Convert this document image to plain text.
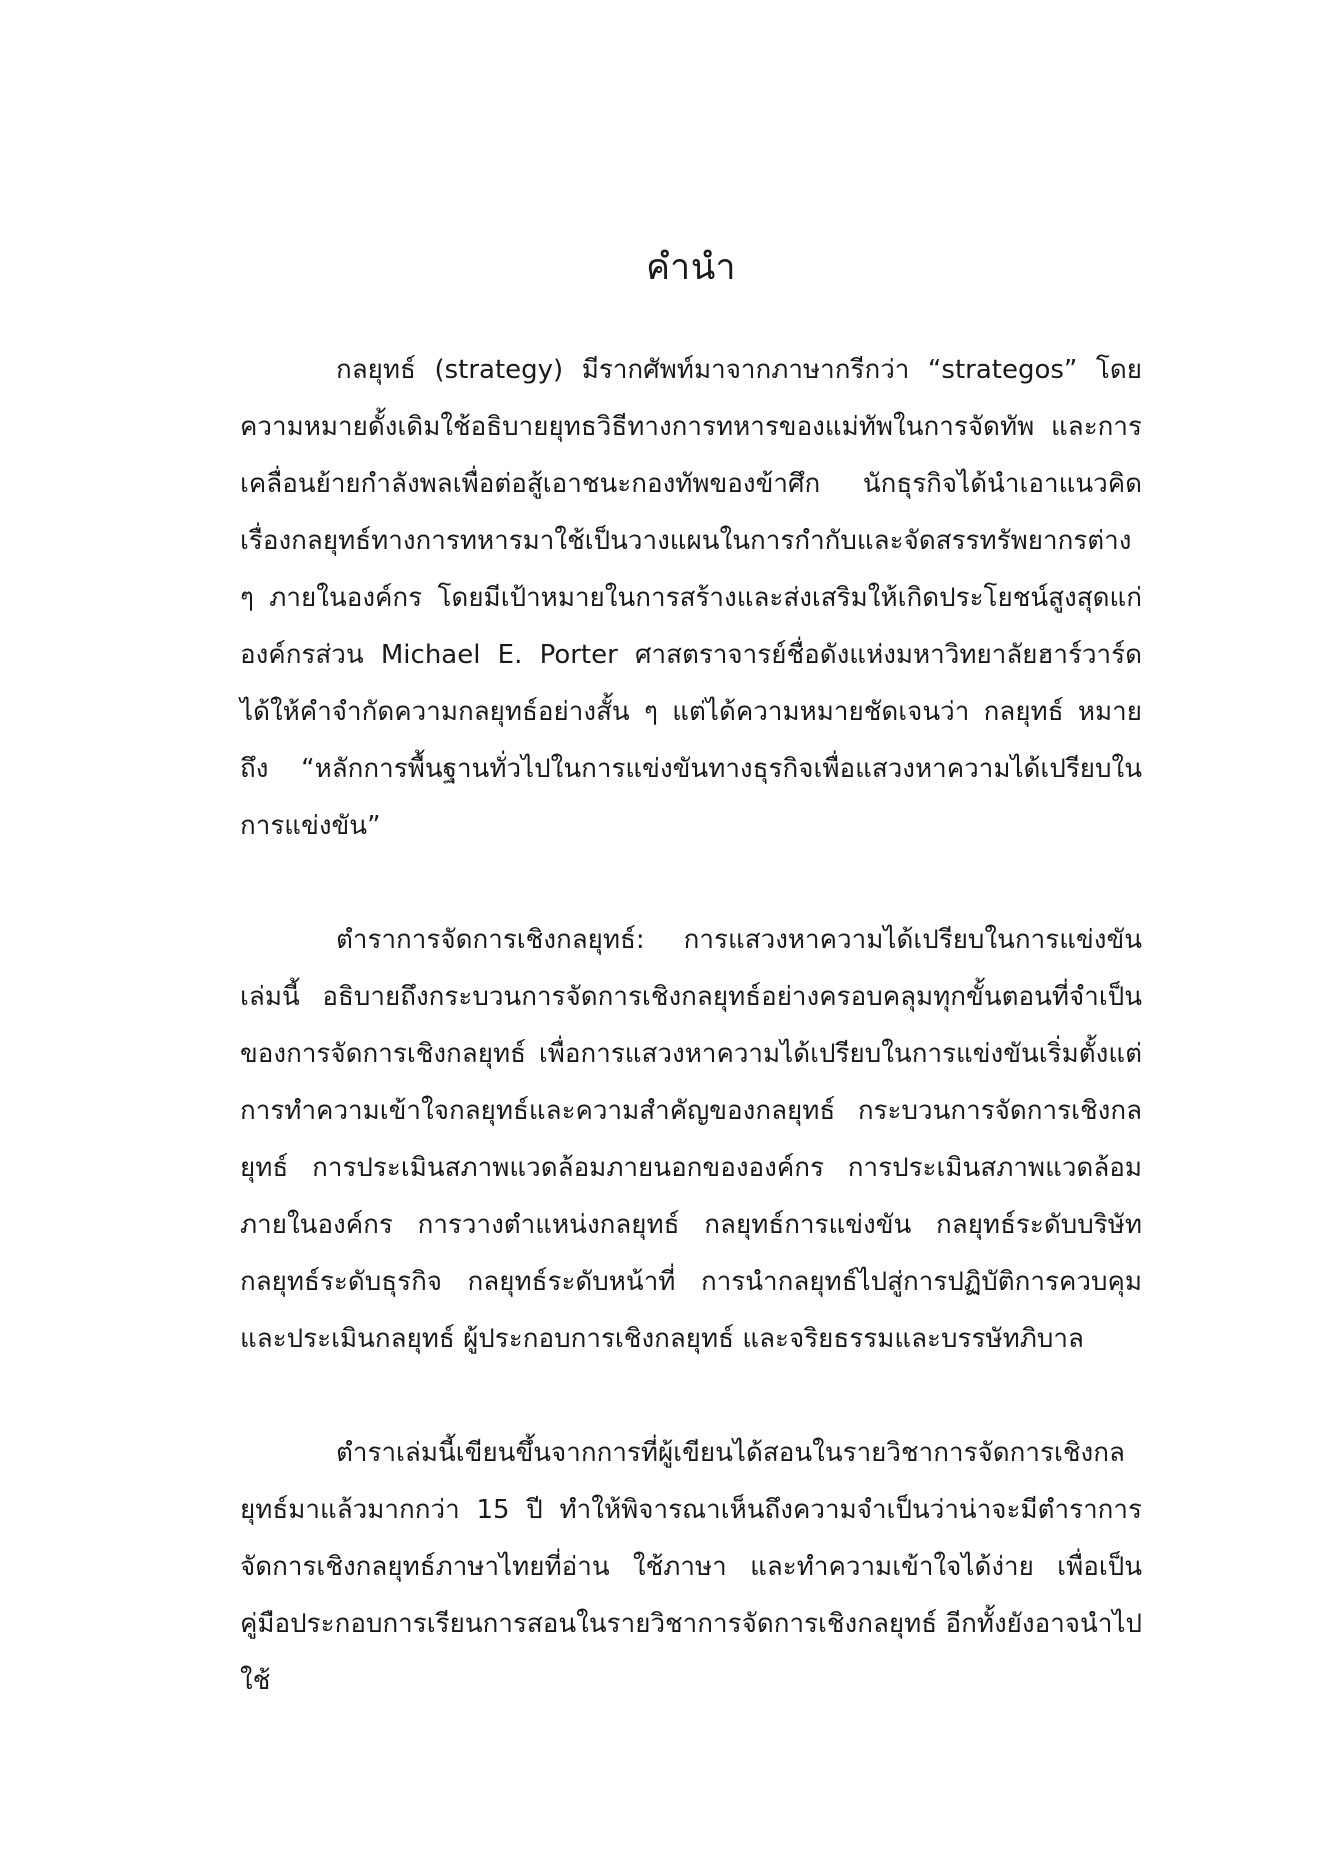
คำนำ

กลยุทธ์ (strategy) มีรากศัพท์มาจากภาษากรีกว่า “strategos” โดยความหมายดั้งเดิมใช้อธิบายยุทธวิธีทางการทหารของแม่ทัพในการจัดทัพ และการเคลื่อนย้ายกำลังพลเพื่อต่อสู้เอาชนะกองทัพของข้าศึก นักธุรกิจได้นำเอาแนวคิดเรื่องกลยุทธ์ทางการทหารมาใช้เป็นวางแผนในการกำกับและจัดสรรทรัพยากรต่าง ๆ ภายในองค์กร โดยมีเป้าหมายในการสร้างและส่งเสริมให้เกิดประโยชน์สูงสุดแก่องค์กรส่วน Michael E. Porter ศาสตราจารย์ชื่อดังแห่งมหาวิทยาลัยฮาร์วาร์ด ได้ให้คำจำกัดความกลยุทธ์อย่างสั้น ๆ แต่ได้ความหมายชัดเจนว่า กลยุทธ์ หมายถึง “หลักการพื้นฐานทั่วไปในการแข่งขันทางธุรกิจเพื่อแสวงหาความได้เปรียบในการแข่งขัน”

ตำราการจัดการเชิงกลยุทธ์: การแสวงหาความได้เปรียบในการแข่งขันเล่มนี้ อธิบายถึงกระบวนการจัดการเชิงกลยุทธ์อย่างครอบคลุมทุกขั้นตอนที่จำเป็นของการจัดการเชิงกลยุทธ์ เพื่อการแสวงหาความได้เปรียบในการแข่งขันเริ่มตั้งแต่การทำความเข้าใจกลยุทธ์และความสำคัญของกลยุทธ์ กระบวนการจัดการเชิงกลยุทธ์ การประเมินสภาพแวดล้อมภายนอกขององค์กร การประเมินสภาพแวดล้อมภายในองค์กร การวางตำแหน่งกลยุทธ์ กลยุทธ์การแข่งขัน กลยุทธ์ระดับบริษัท กลยุทธ์ระดับธุรกิจ กลยุทธ์ระดับหน้าที่ การนำกลยุทธ์ไปสู่การปฏิบัติการควบคุมและประเมินกลยุทธ์ ผู้ประกอบการเชิงกลยุทธ์ และจริยธรรมและบรรษัทภิบาล

ตำราเล่มนี้เขียนขึ้นจากการที่ผู้เขียนได้สอนในรายวิชาการจัดการเชิงกลยุทธ์มาแล้วมากกว่า 15 ปี ทำให้พิจารณาเห็นถึงความจำเป็นว่าน่าจะมีตำราการจัดการเชิงกลยุทธ์ภาษาไทยที่อ่าน ใช้ภาษา และทำความเข้าใจได้ง่าย เพื่อเป็นคู่มือประกอบการเรียนการสอนในรายวิชาการจัดการเชิงกลยุทธ์ อีกทั้งยังอาจนำไปใช้
